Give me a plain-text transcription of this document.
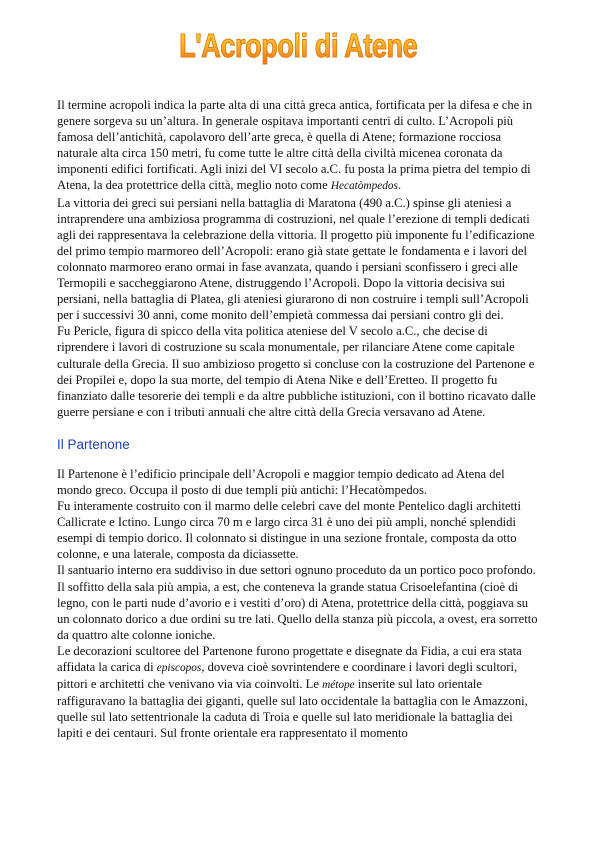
L'Acropoli di Atene

Il termine acropoli indica la parte alta di una città greca antica, fortificata per la difesa e che in genere sorgeva su un’altura. In generale ospitava importanti centri di culto. L’Acropoli più famosa dell’antichità, capolavoro dell’arte greca, è quella di Atene; formazione rocciosa naturale alta circa 150 metri, fu come tutte le altre città della civiltà micenea coronata da imponenti edifici fortificati. Agli inizi del VI secolo a.C. fu posta la prima pietra del tempio di Atena, la dea protettrice della città, meglio noto come Hecatòmpedos.

La vittoria dei greci sui persiani nella battaglia di Maratona (490 a.C.) spinse gli ateniesi a intraprendere una ambiziosa programma di costruzioni, nel quale l’erezione di templi dedicati agli dei rappresentava la celebrazione della vittoria. Il progetto più imponente fu l’edificazione del primo tempio marmoreo dell’Acropoli: erano già state gettate le fondamenta e i lavori del colonnato marmoreo erano ormai in fase avanzata, quando i persiani sconfissero i greci alle Termopili e saccheggiarono Atene, distruggendo l’Acropoli. Dopo la vittoria decisiva sui persiani, nella battaglia di Platea, gli ateniesi giurarono di non costruire i templi sull’Acropoli per i successivi 30 anni, come monito dell’empietà commessa dai persiani contro gli dei.

Fu Pericle, figura di spicco della vita politica ateniese del V secolo a.C., che decise di riprendere i lavori di costruzione su scala monumentale, per rilanciare Atene come capitale culturale della Grecia. Il suo ambizioso progetto si concluse con la costruzione del Partenone e dei Propilei e, dopo la sua morte, del tempio di Atena Nike e dell’Eretteo. Il progetto fu finanziato dalle tesorerie dei templi e da altre pubbliche istituzioni, con il bottino ricavato dalle guerre persiane e con i tributi annuali che altre città della Grecia versavano ad Atene.

Il Partenone

Il Partenone è l’edificio principale dell’Acropoli e maggior tempio dedicato ad Atena del mondo greco. Occupa il posto di due templi più antichi: l’Hecatòmpedos.

Fu interamente costruito con il marmo delle celebri cave del monte Pentelico dagli architetti Callicrate e Ictino. Lungo circa 70 m e largo circa 31 è uno dei più ampli, nonché splendidi esempi di tempio dorico. Il colonnato si distingue in una sezione frontale, composta da otto colonne, e una laterale, composta da diciassette.

Il santuario interno era suddiviso in due settori ognuno proceduto da un portico poco profondo. Il soffitto della sala più ampia, a est, che conteneva la grande statua Crisoelefantina (cioè di legno, con le parti nude d’avorio e i vestiti d’oro) di Atena, protettrice della città, poggiava su un colonnato dorico a due ordini su tre lati. Quello della stanza più piccola, a ovest, era sorretto da quattro alte colonne ioniche.

Le decorazioni scultoree del Partenone furono progettate e disegnate da Fidia, a cui era stata affidata la carica di episcopos, doveva cioè sovrintendere e coordinare i lavori degli scultori, pittori e architetti che venivano via via coinvolti. Le métope inserite sul lato orientale raffiguravano la battaglia dei giganti, quelle sul lato occidentale la battaglia con le Amazzoni, quelle sul lato settentrionale la caduta di Troia e quelle sul lato meridionale la battaglia dei lapiti e dei centauri. Sul fronte orientale era rappresentato il momento
